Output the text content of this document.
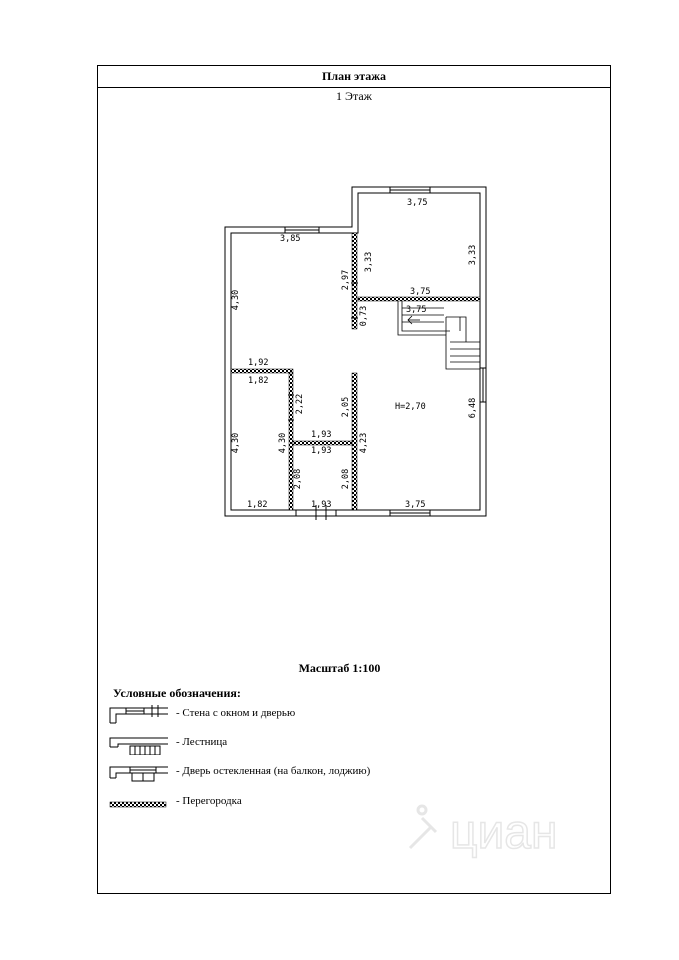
План этажа
1 Этаж
3,75
3,85
3,33	3,33
2,97
3,75
3,75
0,73
4,30
1,92
1,82
2,22	2,05	H=2,70	6,48
4,30	4,30	1,93
1,93	4,23
2,08	2,08
1,82	1,93	3,75
Масштаб 1:100
Условные обозначения:
- Стена с окном и дверью
- Лестница
- Дверь остекленная (на балкон, лоджию)
- Перегородка
циан
